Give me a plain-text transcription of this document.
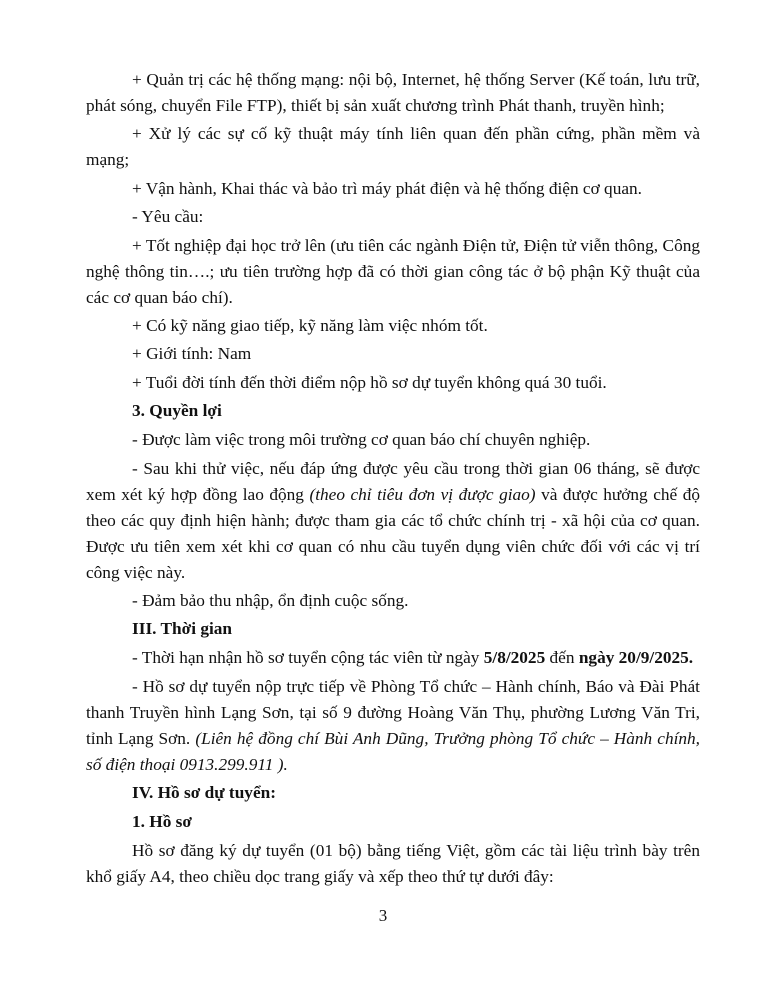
+ Quản trị các hệ thống mạng: nội bộ, Internet, hệ thống Server (Kế toán, lưu trữ, phát sóng, chuyển File FTP), thiết bị sản xuất chương trình Phát thanh, truyền hình;

+ Xử lý các sự cố kỹ thuật máy tính liên quan đến phần cứng, phần mềm và mạng;

+ Vận hành, Khai thác và bảo trì máy phát điện và hệ thống điện cơ quan.

- Yêu cầu:

+ Tốt nghiệp đại học trở lên (ưu tiên các ngành Điện tử, Điện tử viễn thông, Công nghệ thông tin….; ưu tiên trường hợp đã có thời gian công tác ở bộ phận Kỹ thuật của các cơ quan báo chí).

+ Có kỹ năng giao tiếp, kỹ năng làm việc nhóm tốt.

+ Giới tính: Nam

+ Tuổi đời tính đến thời điểm nộp hồ sơ dự tuyển không quá 30 tuổi.

3. Quyền lợi

- Được làm việc trong môi trường cơ quan báo chí chuyên nghiệp.

- Sau khi thử việc, nếu đáp ứng được yêu cầu trong thời gian 06 tháng, sẽ được xem xét ký hợp đồng lao động (theo chỉ tiêu đơn vị được giao) và được hưởng chế độ theo các quy định hiện hành; được tham gia các tổ chức chính trị - xã hội của cơ quan. Được ưu tiên xem xét khi cơ quan có nhu cầu tuyển dụng viên chức đối với các vị trí công việc này.

- Đảm bảo thu nhập, ổn định cuộc sống.

III. Thời gian

- Thời hạn nhận hồ sơ tuyển cộng tác viên từ ngày 5/8/2025 đến ngày 20/9/2025.

- Hồ sơ dự tuyển nộp trực tiếp về Phòng Tổ chức – Hành chính, Báo và Đài Phát thanh Truyền hình Lạng Sơn, tại số 9 đường Hoàng Văn Thụ, phường Lương Văn Tri, tỉnh Lạng Sơn. (Liên hệ đồng chí Bùi Anh Dũng, Trưởng phòng Tổ chức – Hành chính, số điện thoại 0913.299.911 ).

IV. Hồ sơ dự tuyển:

1. Hồ sơ

Hồ sơ đăng ký dự tuyển (01 bộ) bằng tiếng Việt, gồm các tài liệu trình bày trên khổ giấy A4, theo chiều dọc trang giấy và xếp theo thứ tự dưới đây:

3
